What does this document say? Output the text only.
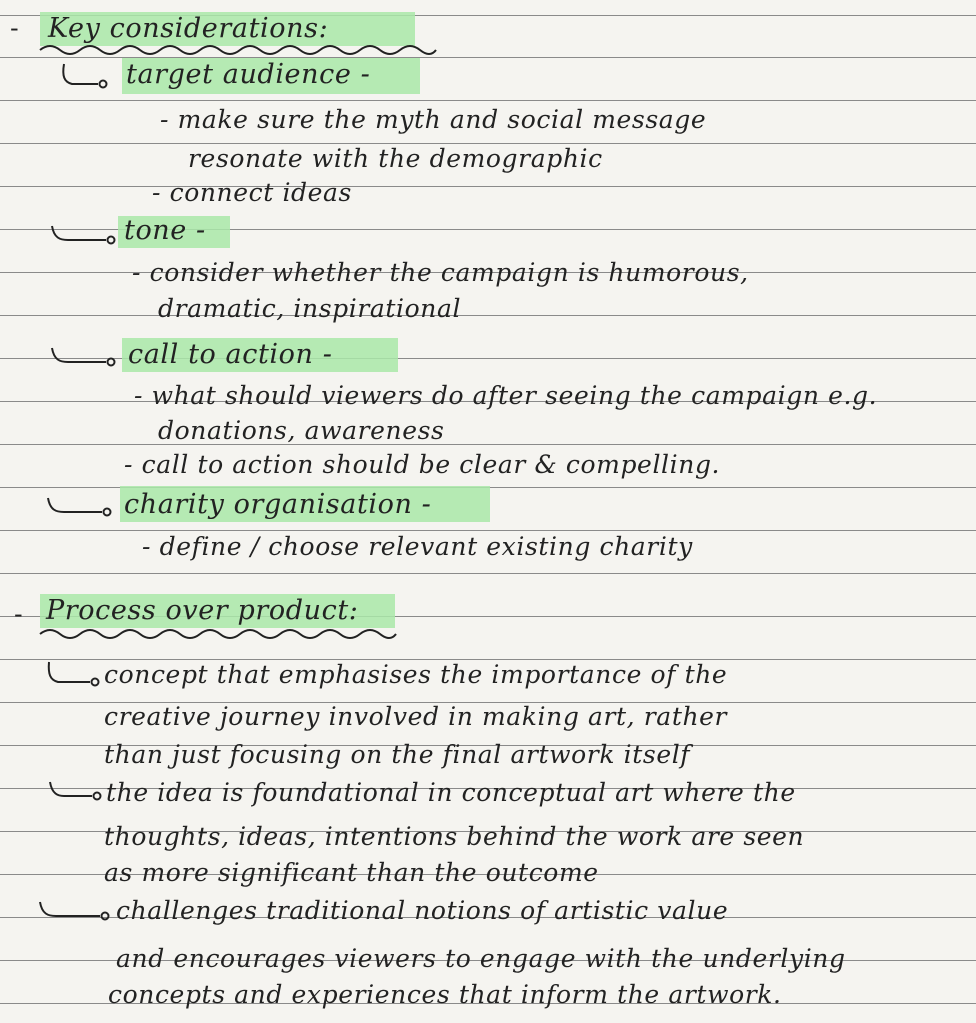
- Key considerations:
target audience -
- make sure the myth and social message
resonate with the demographic
- connect ideas
tone -
- consider whether the campaign is humorous,
dramatic, inspirational
call to action -
- what should viewers do after seeing the campaign e.g.
donations, awareness
- call to action should be clear & compelling.
charity organisation -
- define / choose relevant existing charity
- Process over product:
concept that emphasises the importance of the
creative journey involved in making art, rather
than just focusing on the final artwork itself
the idea is foundational in conceptual art where the
thoughts, ideas, intentions behind the work are seen
as more significant than the outcome
challenges traditional notions of artistic value
and encourages viewers to engage with the underlying
concepts and experiences that inform the artwork.
